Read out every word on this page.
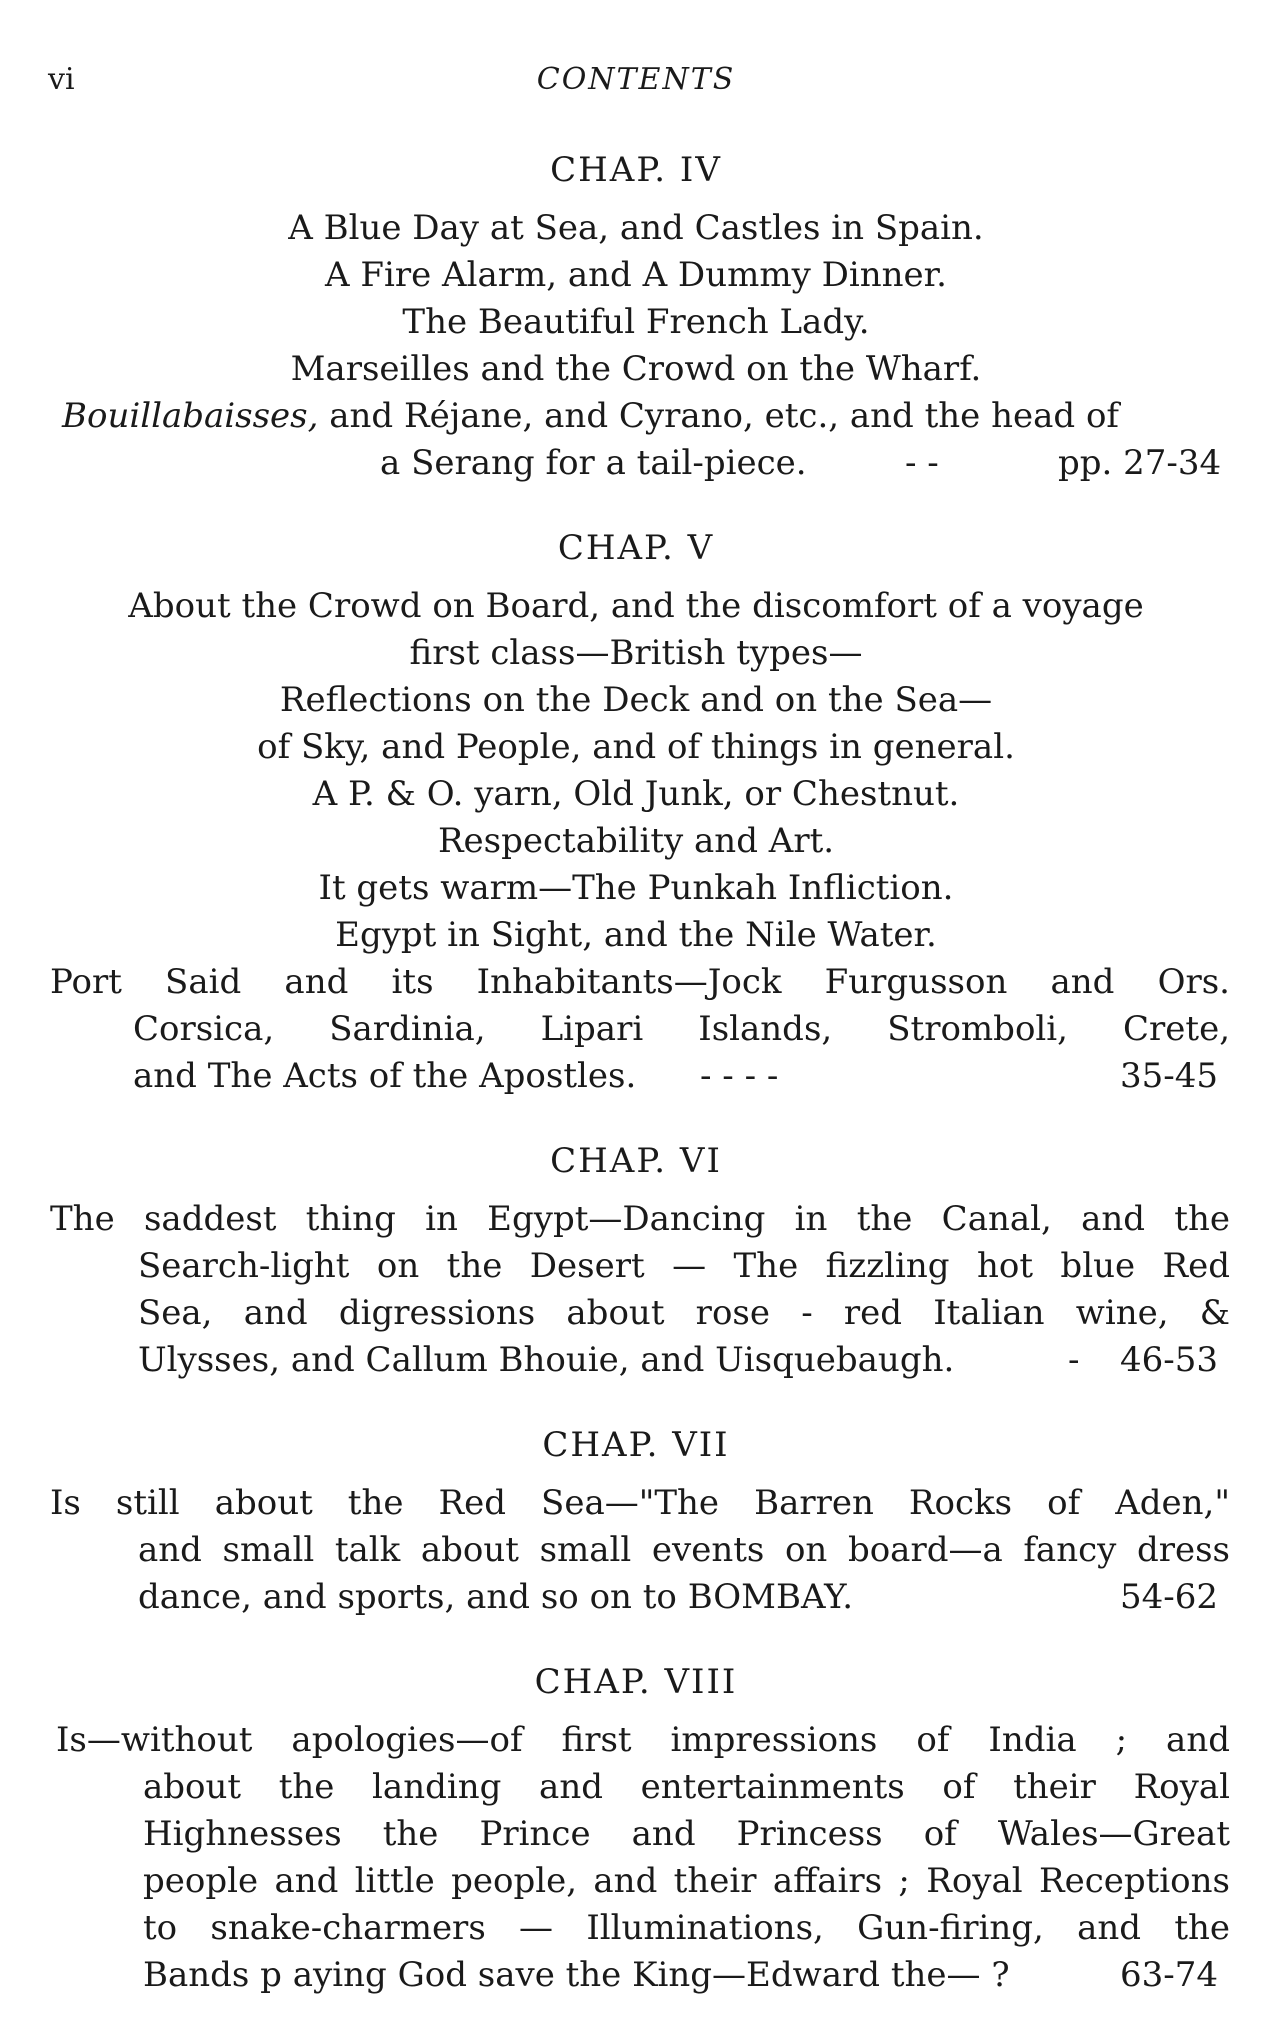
vi	CONTENTS
CHAP. IV
A Blue Day at Sea, and Castles in Spain.
A Fire Alarm, and A Dummy Dinner.
The Beautiful French Lady.
Marseilles and the Crowd on the Wharf.
Bouillabaisses, and Réjane, and Cyrano, etc., and the head of
a Serang for a tail-piece.	- -	pp. 27-34
CHAP. V
About the Crowd on Board, and the discomfort of a voyage
first class—British types—
Reflections on the Deck and on the Sea—
of Sky, and People, and of things in general.
A P. & O. yarn, Old Junk, or Chestnut.
Respectability and Art.
It gets warm—The Punkah Infliction.
Egypt in Sight, and the Nile Water.
Port Said and its Inhabitants—Jock Furgusson and Ors.
Corsica, Sardinia, Lipari Islands, Stromboli, Crete,
and The Acts of the Apostles. - - - -	35-45
CHAP. VI
The saddest thing in Egypt—Dancing in the Canal, and the
Search-light on the Desert — The fizzling hot blue Red
Sea, and digressions about rose - red Italian wine, &
Ulysses, and Callum Bhouie, and Uisquebaugh.	- 46-53
CHAP. VII
Is still about the Red Sea—"The Barren Rocks of Aden,"
and small talk about small events on board—a fancy dress
dance, and sports, and so on to BOMBAY.	54-62
CHAP. VIII
Is—without apologies—of first impressions of India ; and
about the landing and entertainments of their Royal
Highnesses the Prince and Princess of Wales—Great
people and little people, and their affairs ; Royal Receptions
to snake-charmers — Illuminations, Gun-firing, and the
Bands p aying God save the King—Edward the— ?	63-74
